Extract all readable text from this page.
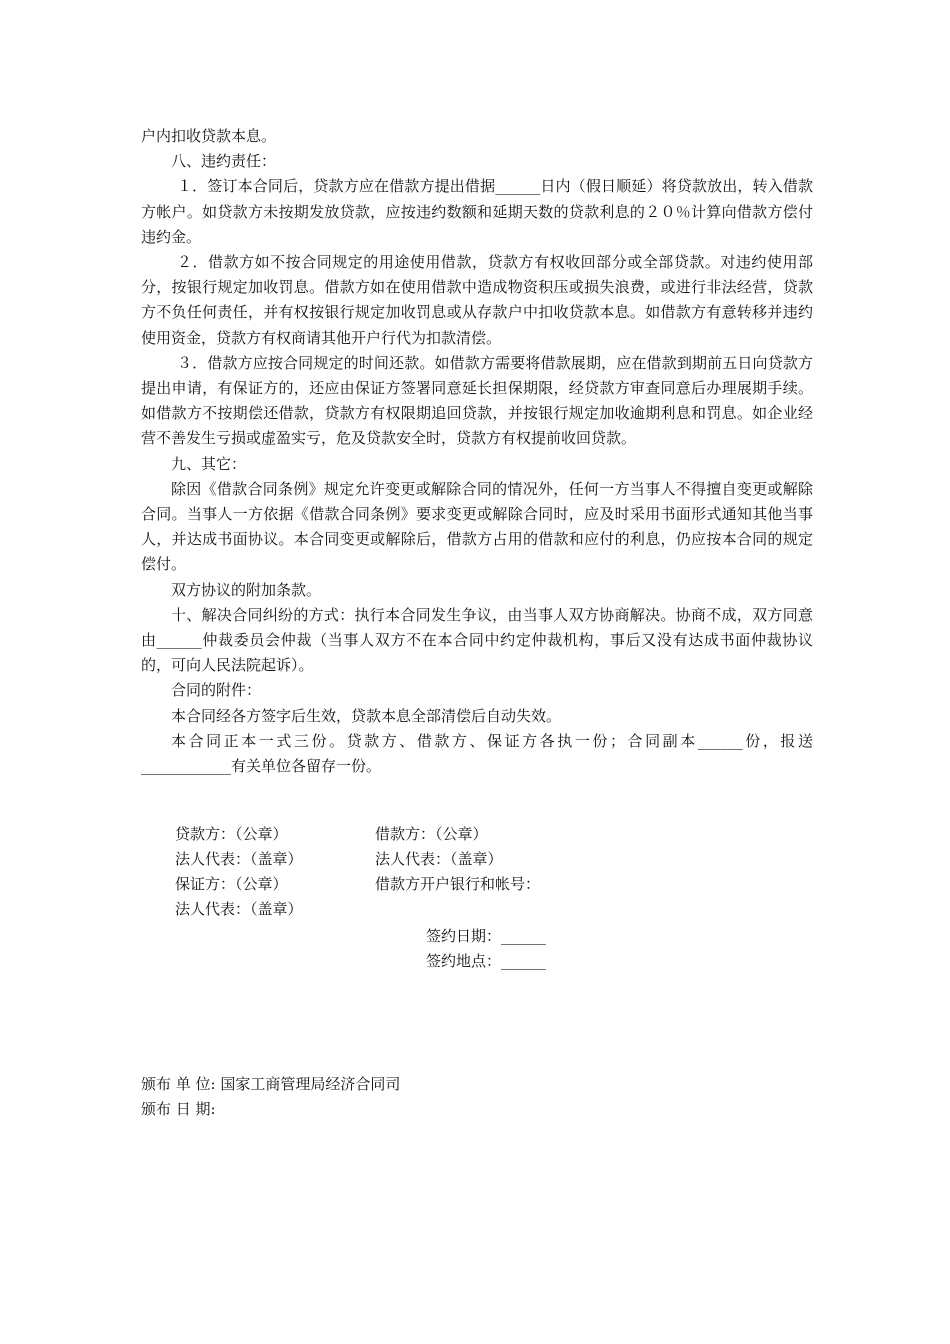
户内扣收贷款本息。

八、违约责任：

１．签订本合同后，贷款方应在借款方提出借据______日内（假日顺延）将贷款放出，转入借款方帐户。如贷款方未按期发放贷款，应按违约数额和延期天数的贷款利息的２０％计算向借款方偿付违约金。

２．借款方如不按合同规定的用途使用借款，贷款方有权收回部分或全部贷款。对违约使用部分，按银行规定加收罚息。借款方如在使用借款中造成物资积压或损失浪费，或进行非法经营，贷款方不负任何责任，并有权按银行规定加收罚息或从存款户中扣收贷款本息。如借款方有意转移并违约使用资金，贷款方有权商请其他开户行代为扣款清偿。

３．借款方应按合同规定的时间还款。如借款方需要将借款展期，应在借款到期前五日向贷款方提出申请，有保证方的，还应由保证方签署同意延长担保期限，经贷款方审查同意后办理展期手续。如借款方不按期偿还借款，贷款方有权限期追回贷款，并按银行规定加收逾期利息和罚息。如企业经营不善发生亏损或虚盈实亏，危及贷款安全时，贷款方有权提前收回贷款。

九、其它：

除因《借款合同条例》规定允许变更或解除合同的情况外，任何一方当事人不得擅自变更或解除合同。当事人一方依据《借款合同条例》要求变更或解除合同时，应及时采用书面形式通知其他当事人，并达成书面协议。本合同变更或解除后，借款方占用的借款和应付的利息，仍应按本合同的规定偿付。

双方协议的附加条款。

十、解决合同纠纷的方式：执行本合同发生争议，由当事人双方协商解决。协商不成，双方同意由______仲裁委员会仲裁（当事人双方不在本合同中约定仲裁机构，事后又没有达成书面仲裁协议的，可向人民法院起诉）。

合同的附件：

本合同经各方签字后生效，贷款本息全部清偿后自动失效。

本合同正本一式三份。贷款方、借款方、保证方各执一份；合同副本______份，报送____________有关单位各留存一份。

贷款方：（公章）	借款方：（公章）
法人代表：（盖章）	法人代表：（盖章）
保证方：（公章）	借款方开户银行和帐号：
法人代表：（盖章）
签约日期：______
签约地点：______
颁布 单 位: 国家工商管理局经济合同司
颁布 日 期:
